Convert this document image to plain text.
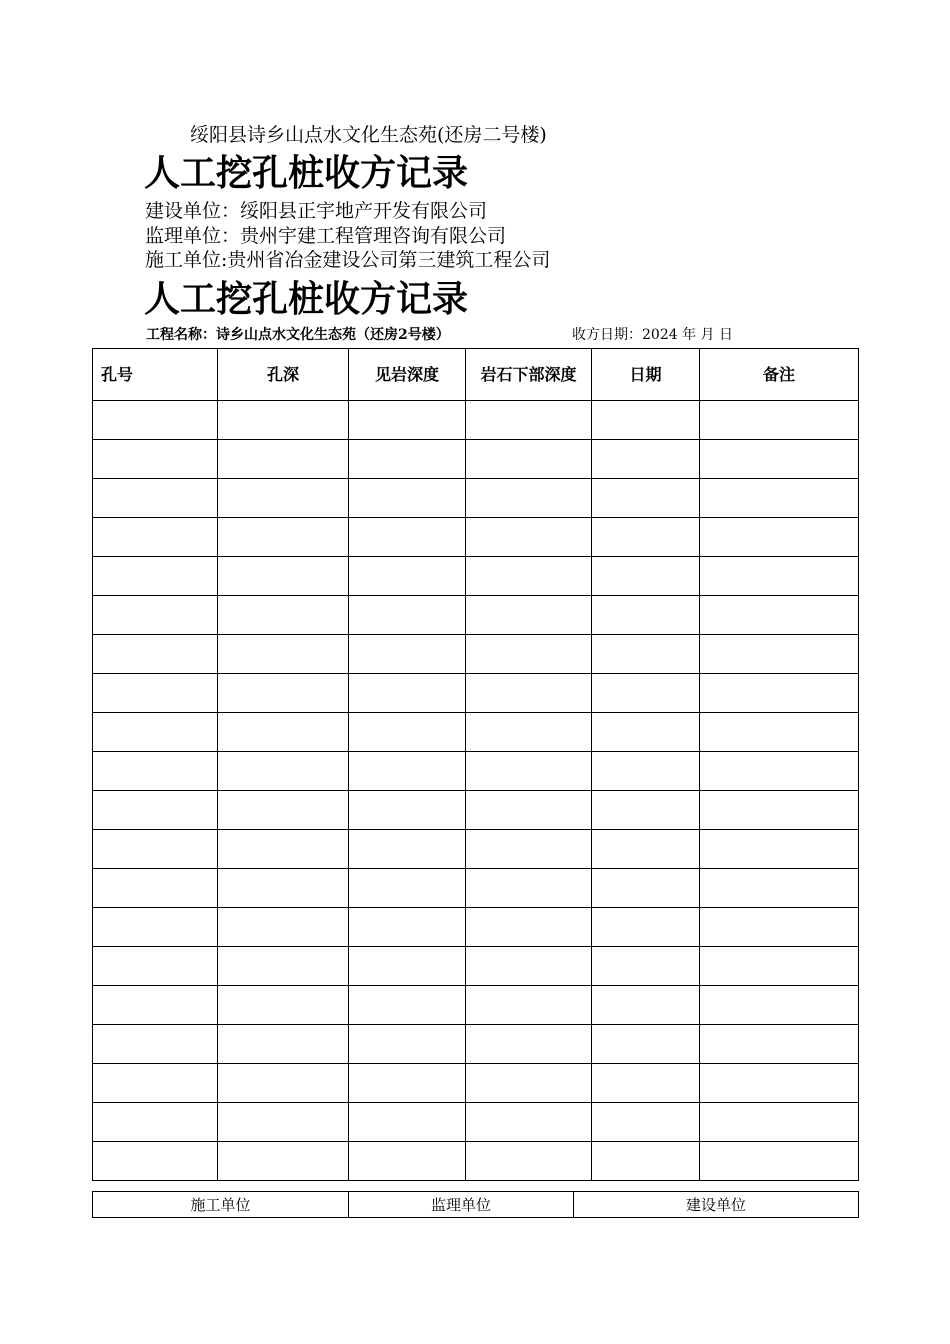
绥阳县诗乡山点水文化生态苑(还房二号楼)
人工挖孔桩收方记录
建设单位：绥阳县正宇地产开发有限公司
监理单位：贵州宇建工程管理咨询有限公司
施工单位:贵州省冶金建设公司第三建筑工程公司
人工挖孔桩收方记录
工程名称：诗乡山点水文化生态苑（还房2号楼）	收方日期：2024 年 月 日
孔号	孔深	见岩深度	岩石下部深度	日期	备注

施工单位	监理单位	建设单位
